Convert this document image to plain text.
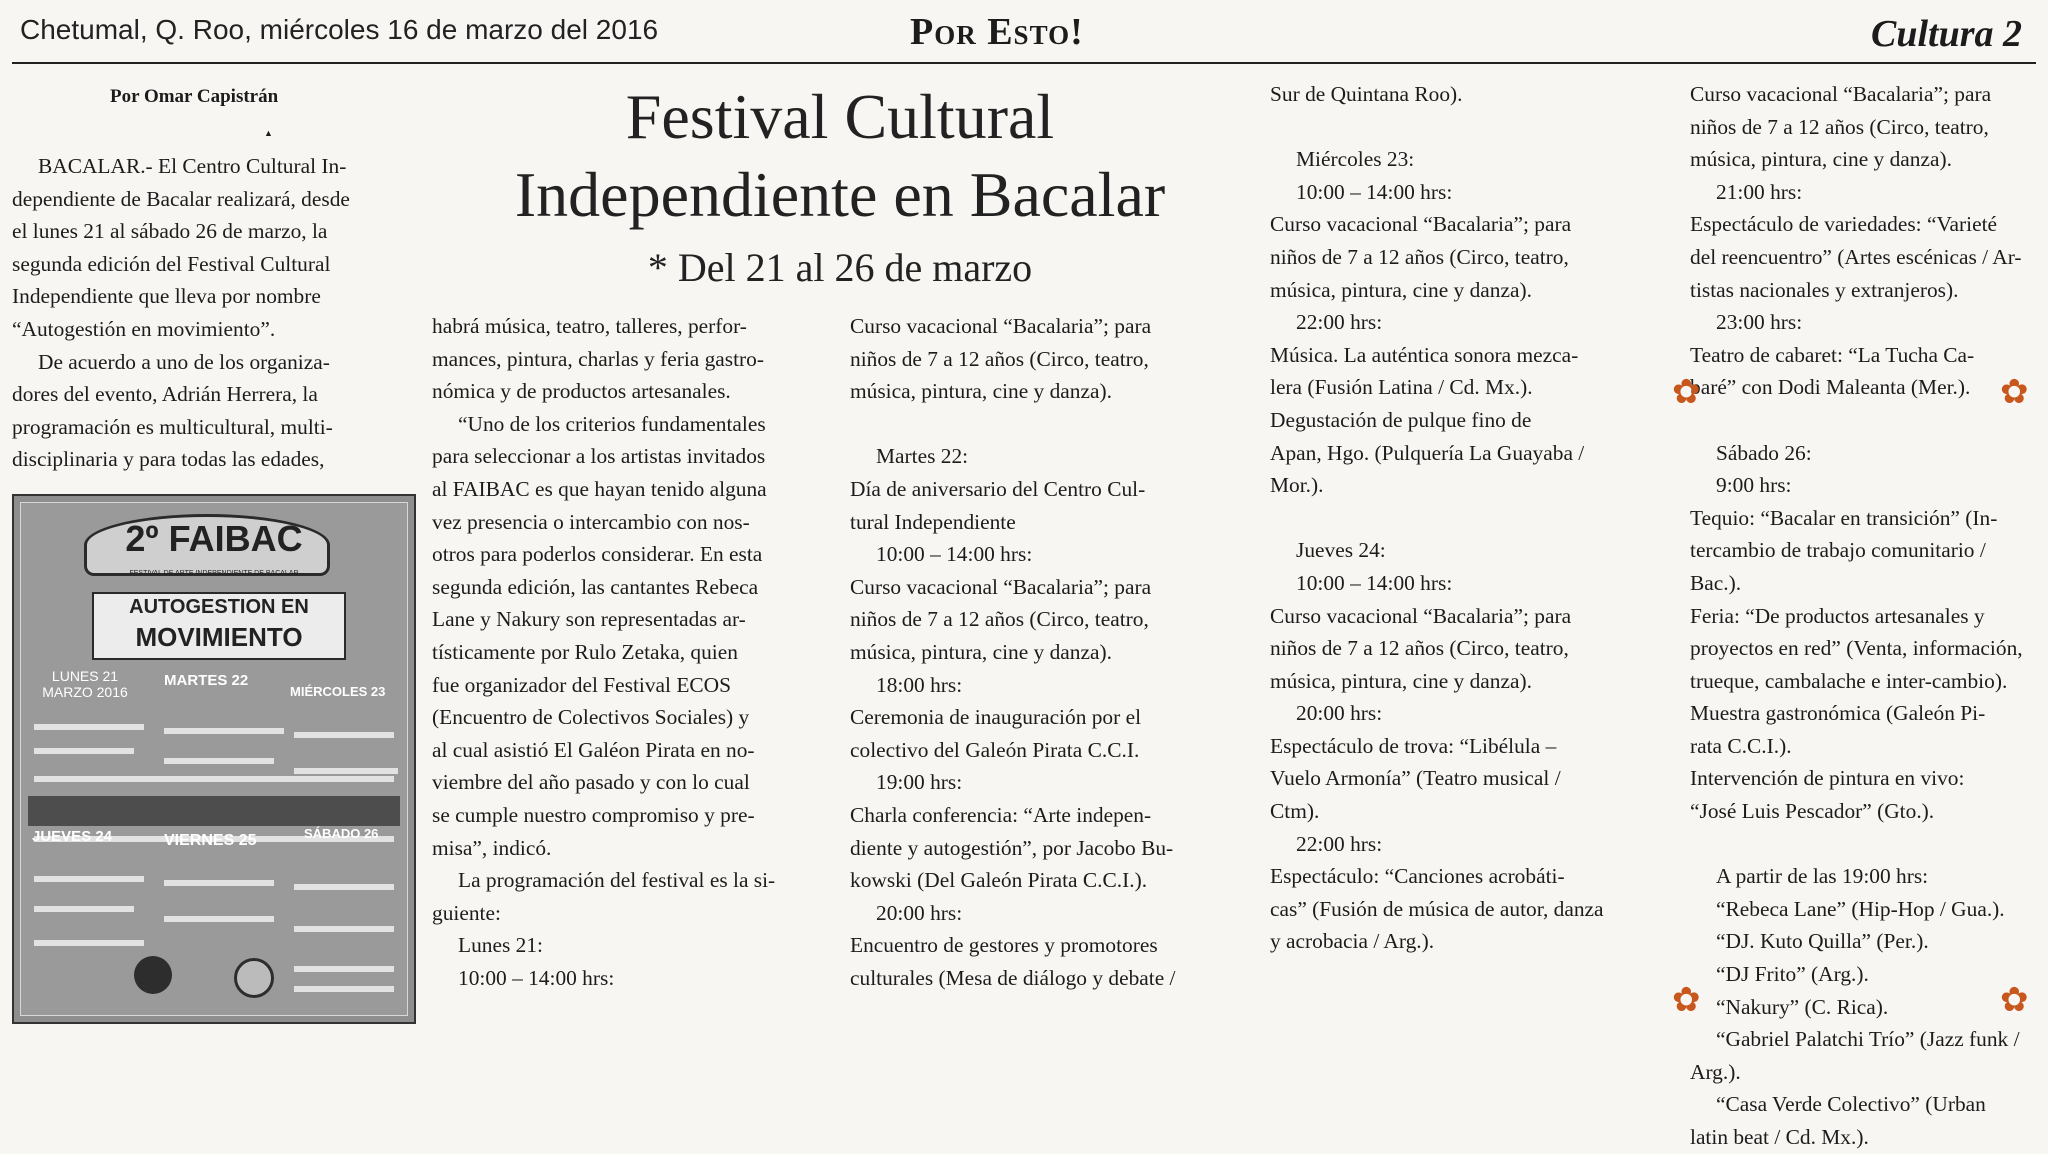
Chetumal, Q. Roo, miércoles 16 de marzo del 2016	Por Esto!	Cultura 2
Por Omar Capistrán
▲	Festival Cultural
Independiente en Bacalar
* Del 21 al 26 de marzo
BACALAR.- El Centro Cultural In-
dependiente de Bacalar realizará, desde
el lunes 21 al sábado 26 de marzo, la
segunda edición del Festival Cultural
Independiente que lleva por nombre
“Autogestión en movimiento”.
De acuerdo a uno de los organiza-
dores del evento, Adrián Herrera, la
programación es multicultural, multi-
disciplinaria y para todas las edades,
habrá música, teatro, talleres, perfor-
mances, pintura, charlas y feria gastro-
nómica y de productos artesanales.
“Uno de los criterios fundamentales
para seleccionar a los artistas invitados
al FAIBAC es que hayan tenido alguna
vez presencia o intercambio con nos-
otros para poderlos considerar. En esta
segunda edición, las cantantes Rebeca
Lane y Nakury son representadas ar-
tísticamente por Rulo Zetaka, quien
fue organizador del Festival ECOS
(Encuentro de Colectivos Sociales) y
al cual asistió El Galéon Pirata en no-
viembre del año pasado y con lo cual
se cumple nuestro compromiso y pre-
misa”, indicó.
La programación del festival es la si-
guiente:
Lunes 21:
10:00 – 14:00 hrs:
Curso vacacional “Bacalaria”; para
niños de 7 a 12 años (Circo, teatro,
música, pintura, cine y danza).

Martes 22:
Día de aniversario del Centro Cul-
tural Independiente
10:00 – 14:00 hrs:
Curso vacacional “Bacalaria”; para
niños de 7 a 12 años (Circo, teatro,
música, pintura, cine y danza).
18:00 hrs:
Ceremonia de inauguración por el
colectivo del Galeón Pirata C.C.I.
19:00 hrs:
Charla conferencia: “Arte indepen-
diente y autogestión”, por Jacobo Bu-
kowski (Del Galeón Pirata C.C.I.).
20:00 hrs:
Encuentro de gestores y promotores
culturales (Mesa de diálogo y debate /
Sur de Quintana Roo).

Miércoles 23:
10:00 – 14:00 hrs:
Curso vacacional “Bacalaria”; para
niños de 7 a 12 años (Circo, teatro,
música, pintura, cine y danza).
22:00 hrs:
Música. La auténtica sonora mezca-
lera (Fusión Latina / Cd. Mx.).
Degustación de pulque fino de
Apan, Hgo. (Pulquería La Guayaba /
Mor.).

Jueves 24:
10:00 – 14:00 hrs:
Curso vacacional “Bacalaria”; para
niños de 7 a 12 años (Circo, teatro,
música, pintura, cine y danza).
20:00 hrs:
Espectáculo de trova: “Libélula –
Vuelo Armonía” (Teatro musical /
Ctm).
22:00 hrs:
Espectáculo: “Canciones acrobáti-
cas” (Fusión de música de autor, danza
y acrobacia / Arg.).
Curso vacacional “Bacalaria”; para
niños de 7 a 12 años (Circo, teatro,
música, pintura, cine y danza).
21:00 hrs:
Espectáculo de variedades: “Varieté
del reencuentro” (Artes escénicas / Ar-
tistas nacionales y extranjeros).
23:00 hrs:
Teatro de cabaret: “La Tucha Ca-
baré” con Dodi Maleanta (Mer.).

Sábado 26:
9:00 hrs:
Tequio: “Bacalar en transición” (In-
tercambio de trabajo comunitario /
Bac.).
Feria: “De productos artesanales y
proyectos en red” (Venta, información,
trueque, cambalache e inter-cambio).
Muestra gastronómica (Galeón Pi-
rata C.C.I.).
Intervención de pintura en vivo:
“José Luis Pescador” (Gto.).

A partir de las 19:00 hrs:
“Rebeca Lane” (Hip-Hop / Gua.).
“DJ. Kuto Quilla” (Per.).
“DJ Frito” (Arg.).
“Nakury” (C. Rica).
“Gabriel Palatchi Trío” (Jazz funk /
Arg.).
“Casa Verde Colectivo” (Urban
latin beat / Cd. Mx.).
2º FAIBAC
FESTIVAL DE ARTE INDEPENDIENTE DE BACALAR
AUTOGESTION EN
MOVIMIENTO
LUNES 21 MARZO 2016
MARTES 22
MIÉRCOLES 23
JUEVES 24	VIERNES 25	SÁBADO 26
✿	✿
✿	✿
